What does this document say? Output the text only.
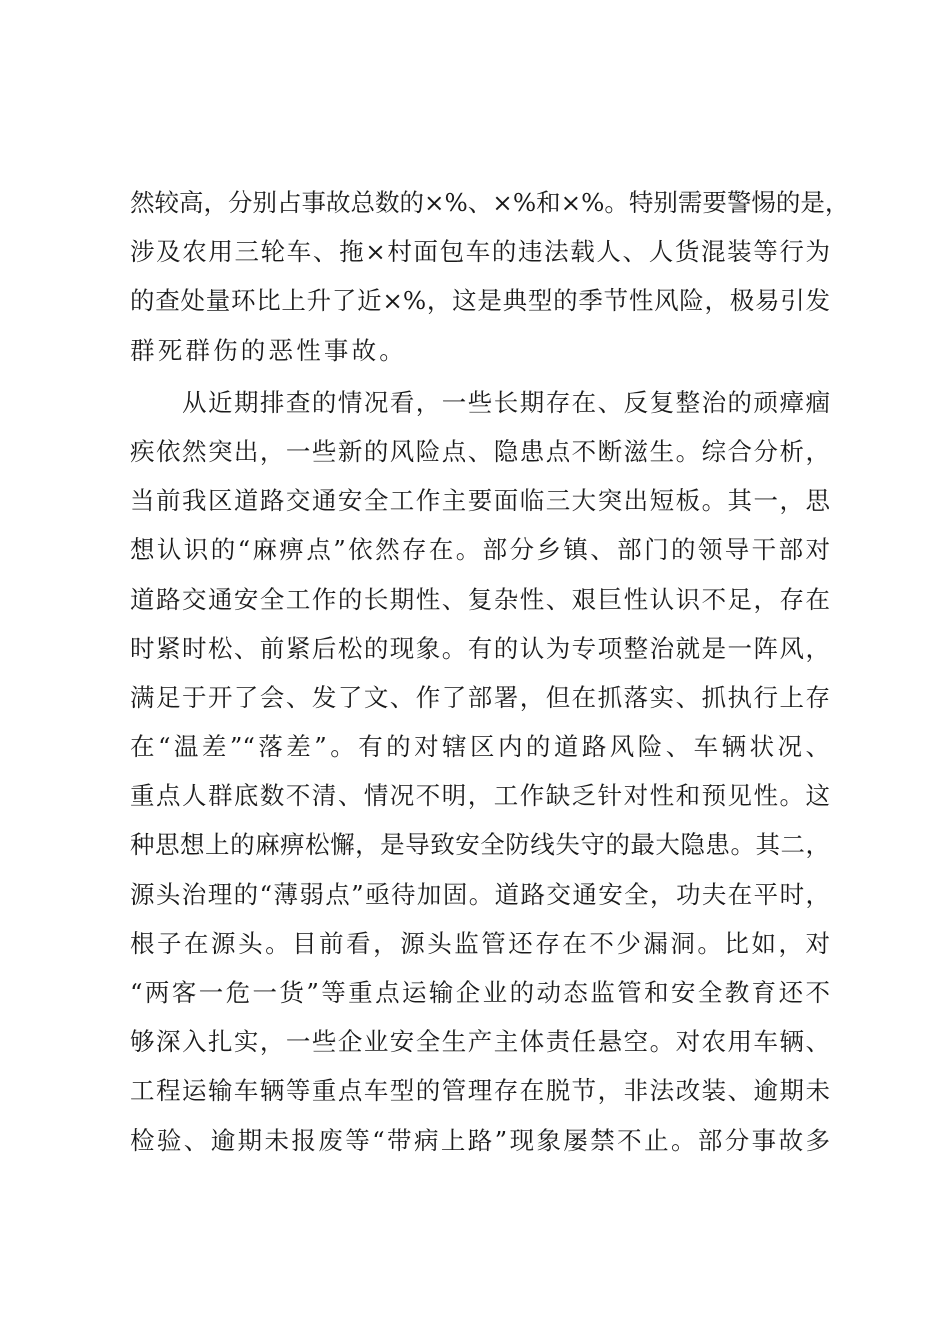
然较高，分别占事故总数的×%、×%和×%。特别需要警惕的是，
涉及农用三轮车、拖×村面包车的违法载人、人货混装等行为
的查处量环比上升了近×%，这是典型的季节性风险，极易引发
群死群伤的恶性事故。
从近期排查的情况看，一些长期存在、反复整治的顽瘴痼
疾依然突出，一些新的风险点、隐患点不断滋生。综合分析，
当前我区道路交通安全工作主要面临三大突出短板。其一，思
想认识的“麻痹点”依然存在。部分乡镇、部门的领导干部对
道路交通安全工作的长期性、复杂性、艰巨性认识不足，存在
时紧时松、前紧后松的现象。有的认为专项整治就是一阵风，
满足于开了会、发了文、作了部署，但在抓落实、抓执行上存
在“温差”“落差”。有的对辖区内的道路风险、车辆状况、
重点人群底数不清、情况不明，工作缺乏针对性和预见性。这
种思想上的麻痹松懈，是导致安全防线失守的最大隐患。其二，
源头治理的“薄弱点”亟待加固。道路交通安全，功夫在平时，
根子在源头。目前看，源头监管还存在不少漏洞。比如，对
“两客一危一货”等重点运输企业的动态监管和安全教育还不
够深入扎实，一些企业安全生产主体责任悬空。对农用车辆、
工程运输车辆等重点车型的管理存在脱节，非法改装、逾期未
检验、逾期未报废等“带病上路”现象屡禁不止。部分事故多
